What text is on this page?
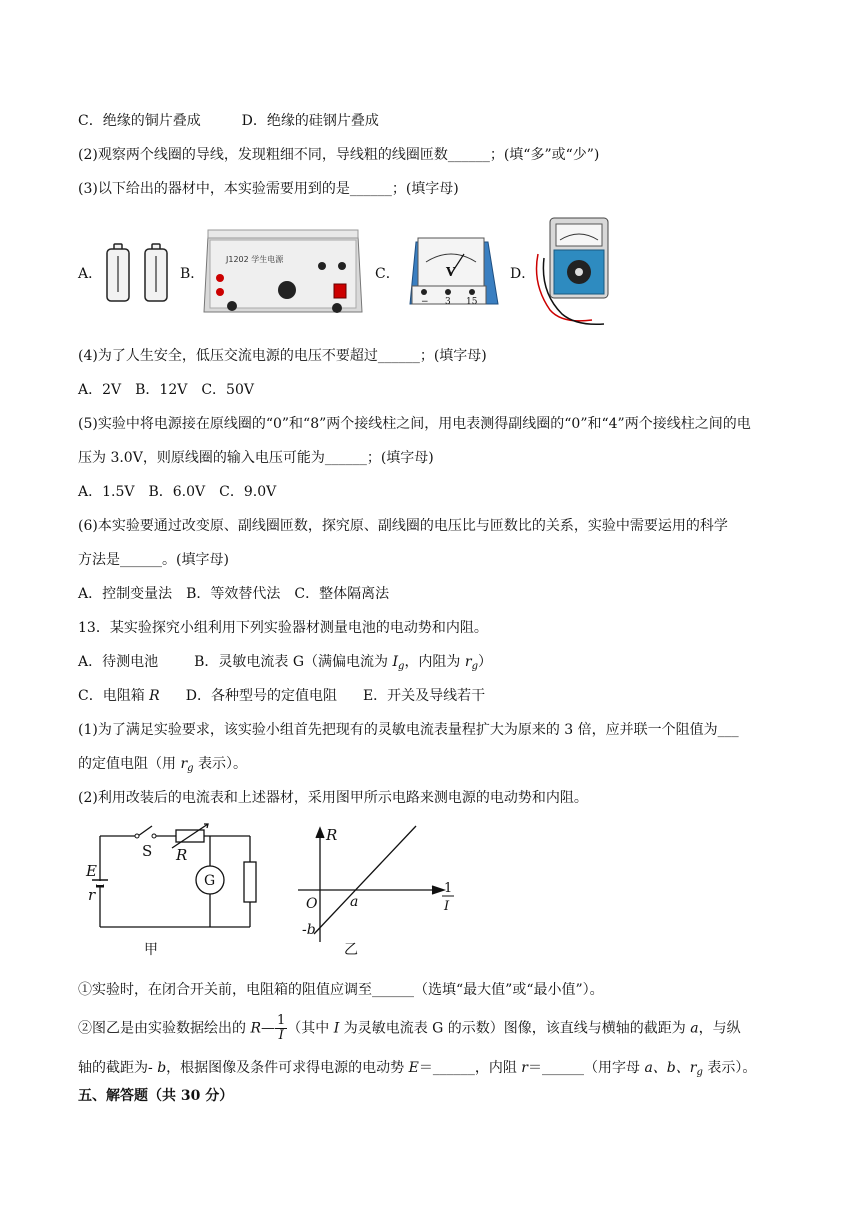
C．绝缘的铜片叠成	D．绝缘的硅钢片叠成
(2)观察两个线圈的导线，发现粗细不同，导线粗的线圈匝数______；(填“多”或“少”)
(3)以下给出的器材中，本实验需要用到的是______；(填字母)
A．	B．
J1202 学生电源
C．	V
− 3 15
D．
(4)为了人生安全，低压交流电源的电压不要超过______；(填字母)
A．2V　B．12V　C．50V
(5)实验中将电源接在原线圈的“0”和“8”两个接线柱之间，用电表测得副线圈的“0”和“4”两个接线柱之间的电
压为 3.0V，则原线圈的输入电压可能为______；(填字母)
A．1.5V　B．6.0V　C．9.0V
(6)本实验要通过改变原、副线圈匝数，探究原、副线圈的电压比与匝数比的关系，实验中需要运用的科学
方法是______。(填字母)
A．控制变量法　B．等效替代法　C．整体隔离法
13．某实验探究小组利用下列实验器材测量电池的电动势和内阻。
A．待测电池	B．灵敏电流表 G（满偏电流为 $I_g$，内阻为 $r_g$）
C．电阻箱 R D．各种型号的定值电阻 E．开关及导线若干
(1)为了满足实验要求，该实验小组首先把现有的灵敏电流表量程扩大为原来的 3 倍，应并联一个阻值为___
的定值电阻（用 $r_g$ 表示）。
(2)利用改装后的电流表和上述器材，采用图甲所示电路来测电源的电动势和内阻。
S R
E
r
G
甲
R
1
I
O a
-b
乙
①实验时，在闭合开关前，电阻箱的阻值应调至______（选填“最大值”或“最小值”）。
②图乙是由实验数据绘出的 R— $\frac{1}{I}$ （其中 I 为灵敏电流表 G 的示数）图像，该直线与横轴的截距为 a，与纵
轴的截距为- b，根据图像及条件可求得电源的电动势 E＝______，内阻 r＝______（用字母 a、b、$r_g$ 表示）。
五、解答题（共 30 分）
